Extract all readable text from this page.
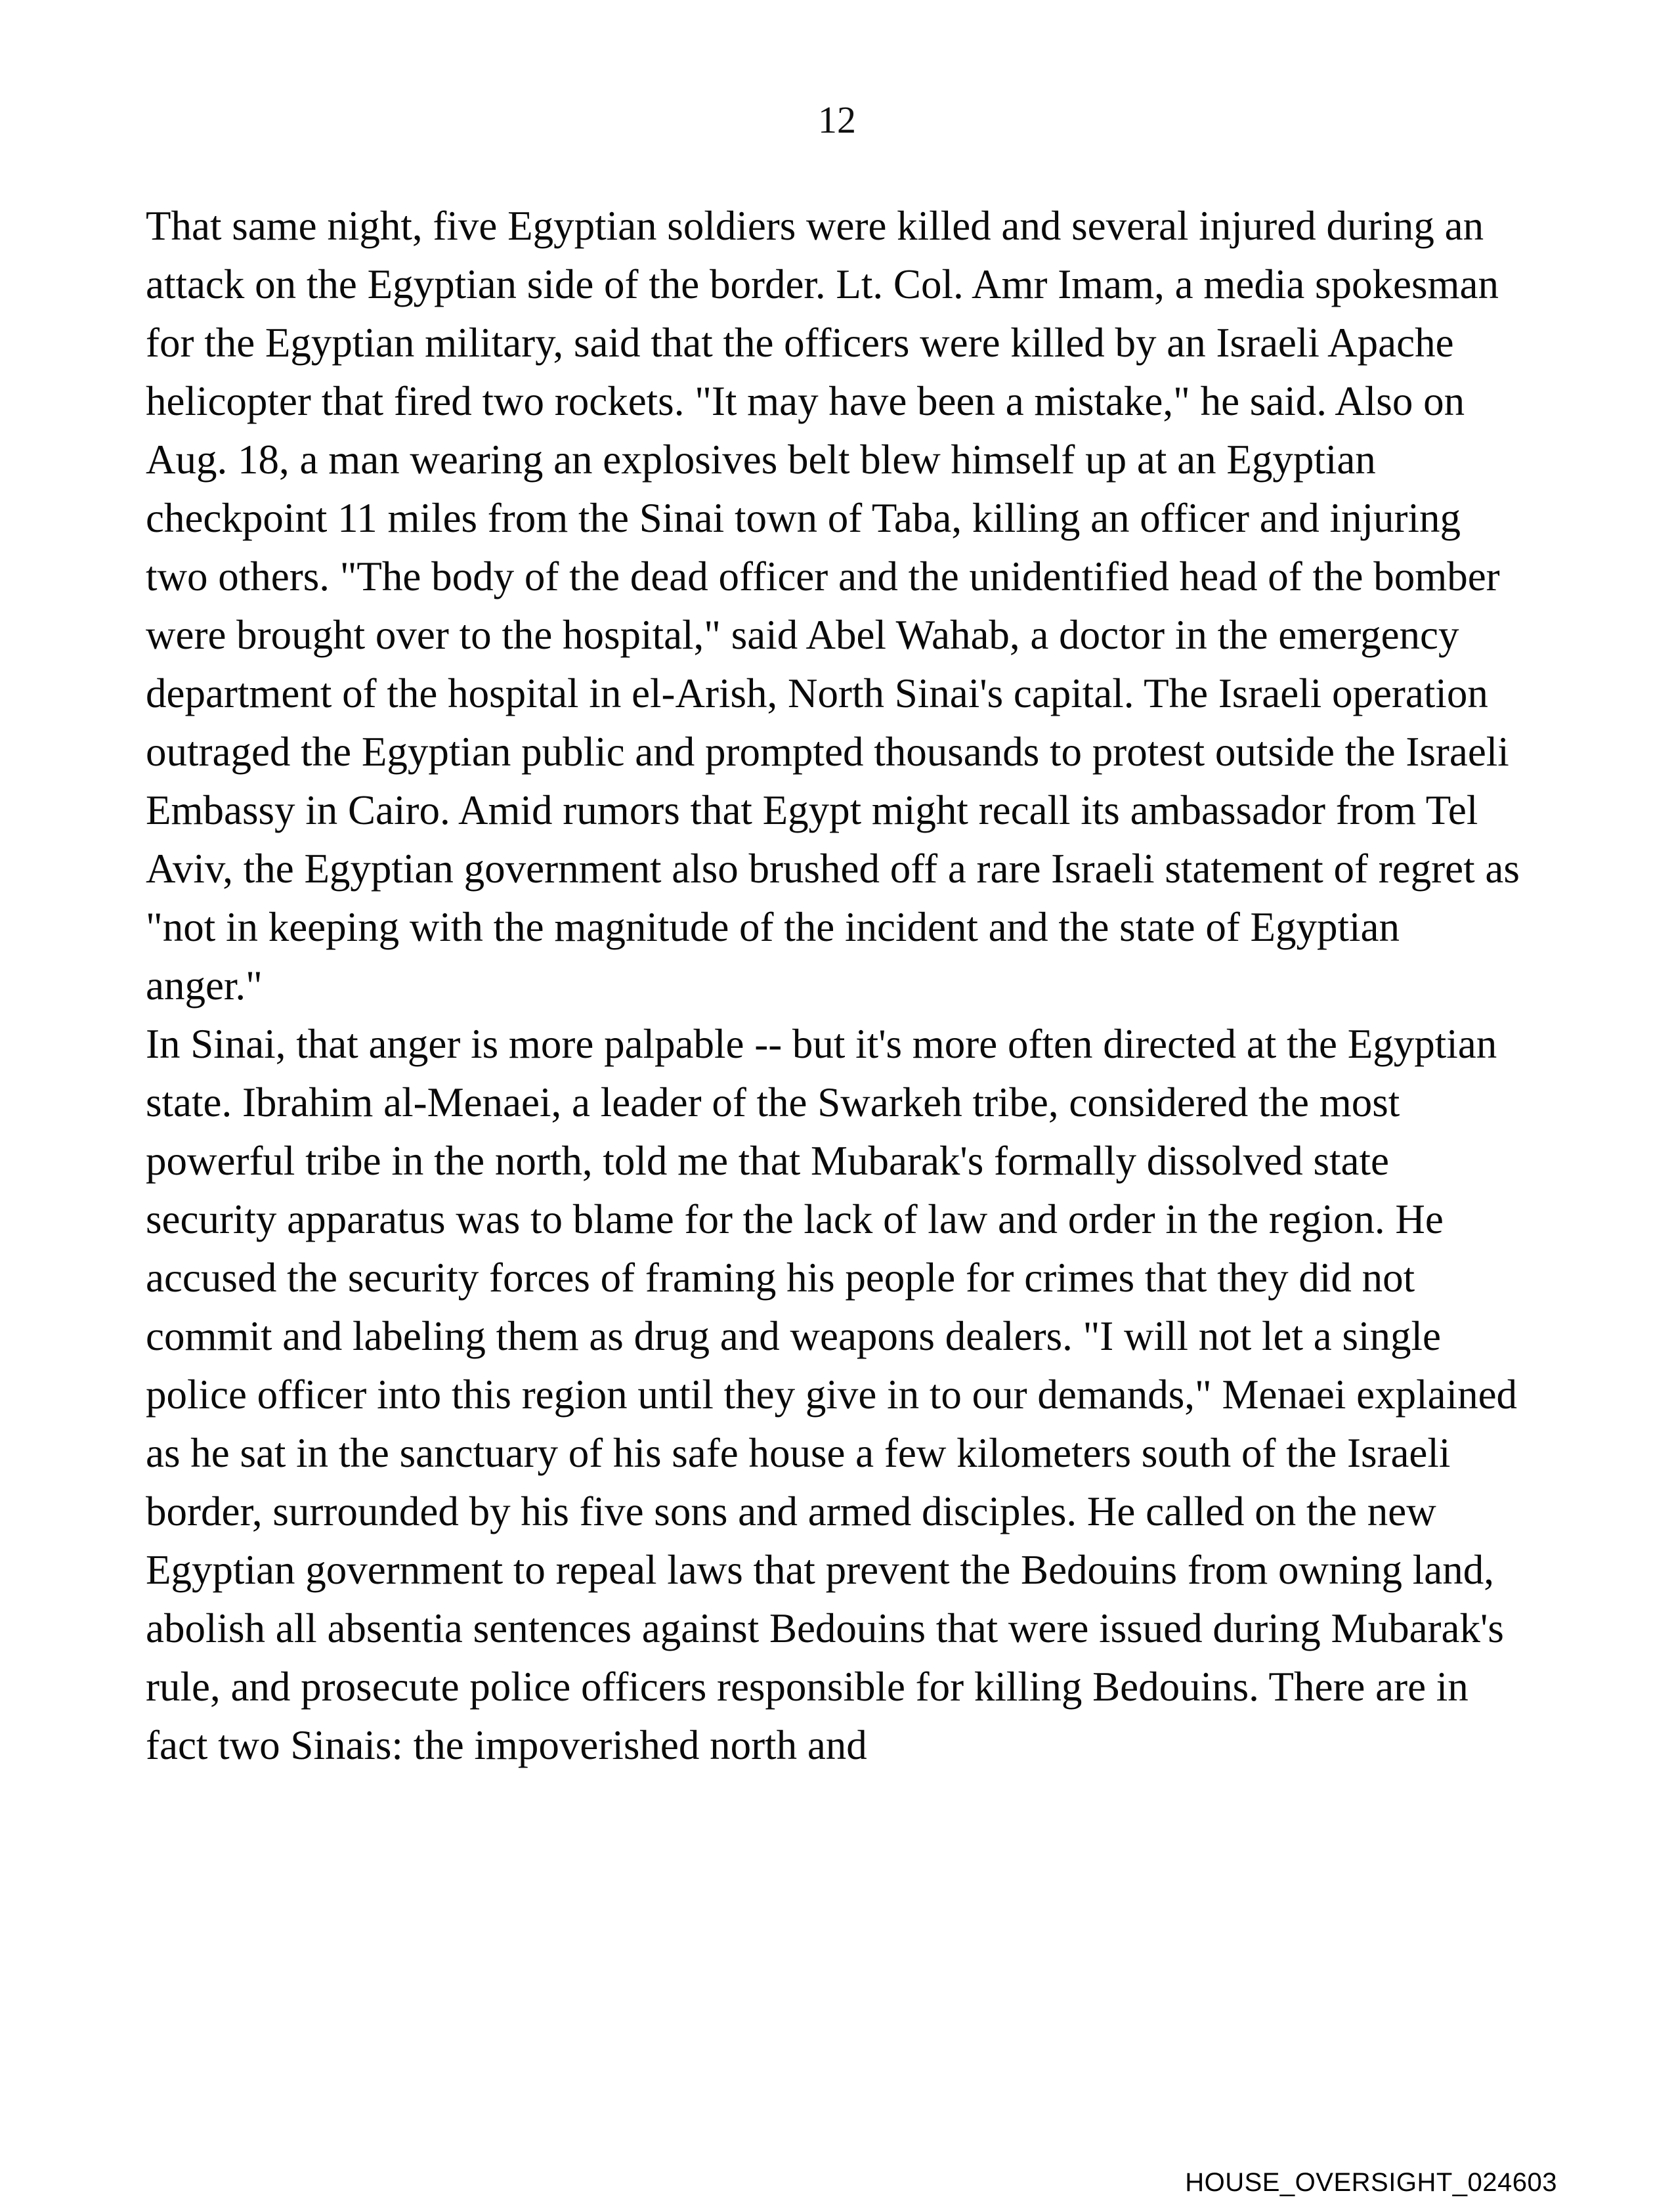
12

That same night, five Egyptian soldiers were killed and several injured during an attack on the Egyptian side of the border. Lt. Col. Amr Imam, a media spokesman for the Egyptian military, said that the officers were killed by an Israeli Apache helicopter that fired two rockets. "It may have been a mistake," he said. Also on Aug. 18, a man wearing an explosives belt blew himself up at an Egyptian checkpoint 11 miles from the Sinai town of Taba, killing an officer and injuring two others. "The body of the dead officer and the unidentified head of the bomber were brought over to the hospital," said Abel Wahab, a doctor in the emergency department of the hospital in el-Arish, North Sinai's capital. The Israeli operation outraged the Egyptian public and prompted thousands to protest outside the Israeli Embassy in Cairo. Amid rumors that Egypt might recall its ambassador from Tel Aviv, the Egyptian government also brushed off a rare Israeli statement of regret as "not in keeping with the magnitude of the incident and the state of Egyptian anger."

In Sinai, that anger is more palpable -- but it's more often directed at the Egyptian state. Ibrahim al-Menaei, a leader of the Swarkeh tribe, considered the most powerful tribe in the north, told me that Mubarak's formally dissolved state security apparatus was to blame for the lack of law and order in the region. He accused the security forces of framing his people for crimes that they did not commit and labeling them as drug and weapons dealers. "I will not let a single police officer into this region until they give in to our demands," Menaei explained as he sat in the sanctuary of his safe house a few kilometers south of the Israeli border, surrounded by his five sons and armed disciples. He called on the new Egyptian government to repeal laws that prevent the Bedouins from owning land, abolish all absentia sentences against Bedouins that were issued during Mubarak's rule, and prosecute police officers responsible for killing Bedouins. There are in fact two Sinais: the impoverished north and

HOUSE_OVERSIGHT_024603
